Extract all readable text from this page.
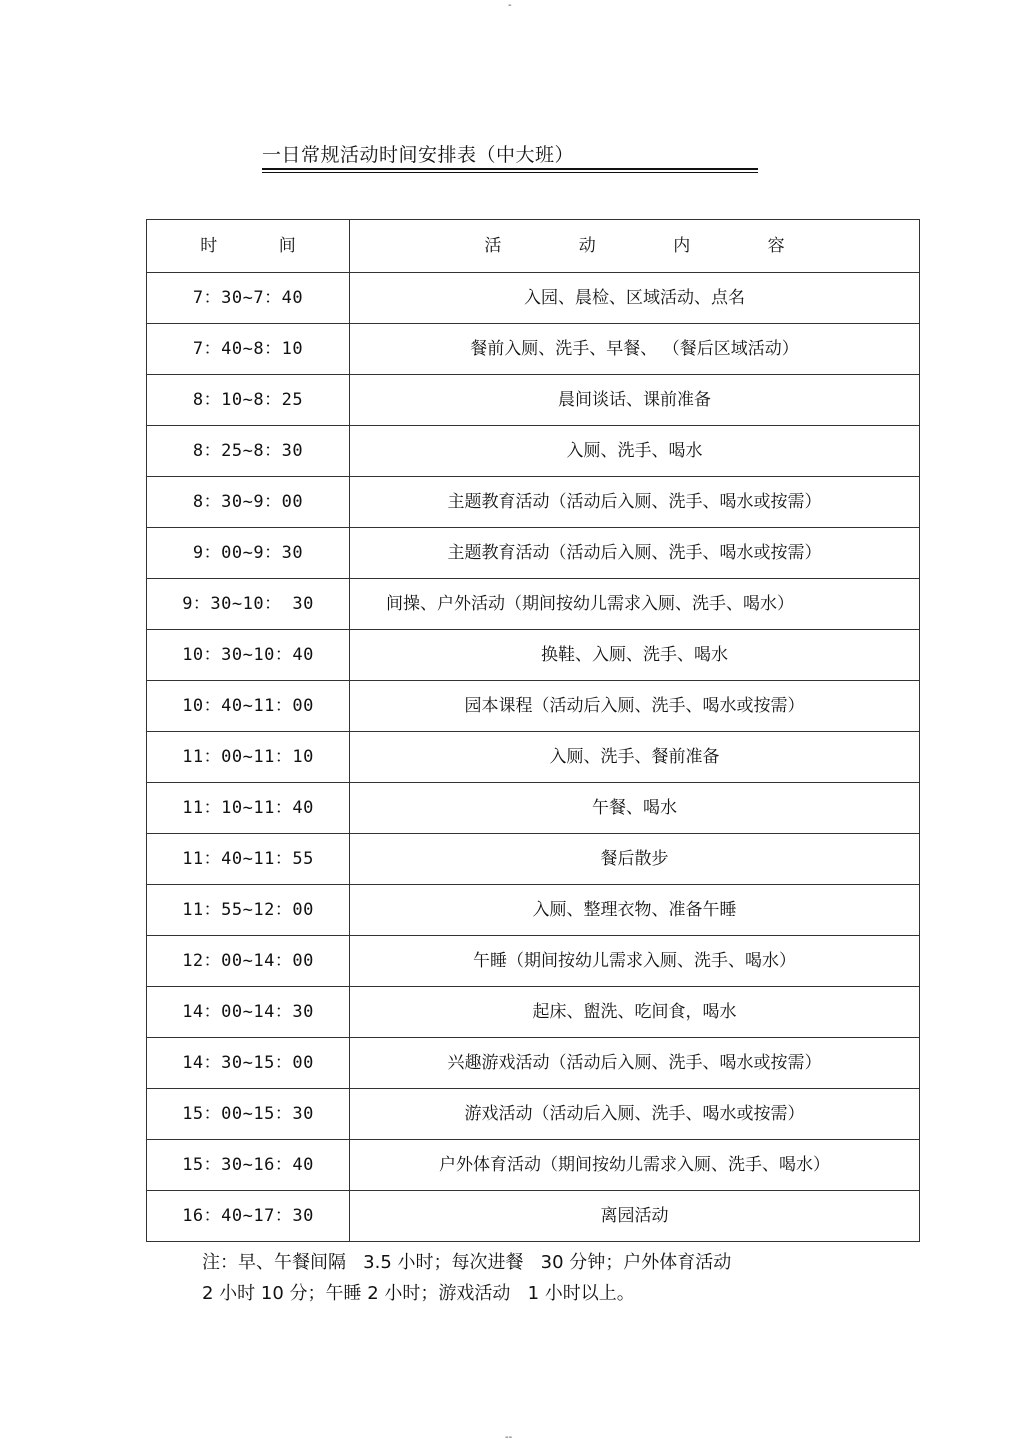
-
一日常规活动时间安排表（中大班）
时 间	活 动 内 容
7：30~7：40	入园、晨检、区域活动、点名
7：40~8：10	餐前入厕、洗手、早餐、 （餐后区域活动）
8：10~8：25	晨间谈话、课前准备
8：25~8：30	入厕、洗手、喝水
8：30~9：00	主题教育活动（活动后入厕、洗手、喝水或按需）
9：00~9：30	主题教育活动（活动后入厕、洗手、喝水或按需）
9：30~10： 30	间操、户外活动（期间按幼儿需求入厕、洗手、喝水）
10：30~10：40	换鞋、入厕、洗手、喝水
10：40~11：00	园本课程（活动后入厕、洗手、喝水或按需）
11：00~11：10	入厕、洗手、餐前准备
11：10~11：40	午餐、喝水
11：40~11：55	餐后散步
11：55~12：00	入厕、整理衣物、准备午睡
12：00~14：00	午睡（期间按幼儿需求入厕、洗手、喝水）
14：00~14：30	起床、盥洗、吃间食，喝水
14：30~15：00	兴趣游戏活动（活动后入厕、洗手、喝水或按需）
15：00~15：30	游戏活动（活动后入厕、洗手、喝水或按需）
15：30~16：40	户外体育活动（期间按幼儿需求入厕、洗手、喝水）
16：40~17：30	离园活动
注：早、午餐间隔   3.5 小时；每次进餐   30 分钟；户外体育活动
2 小时 10 分；午睡 2 小时；游戏活动   1 小时以上。
--
